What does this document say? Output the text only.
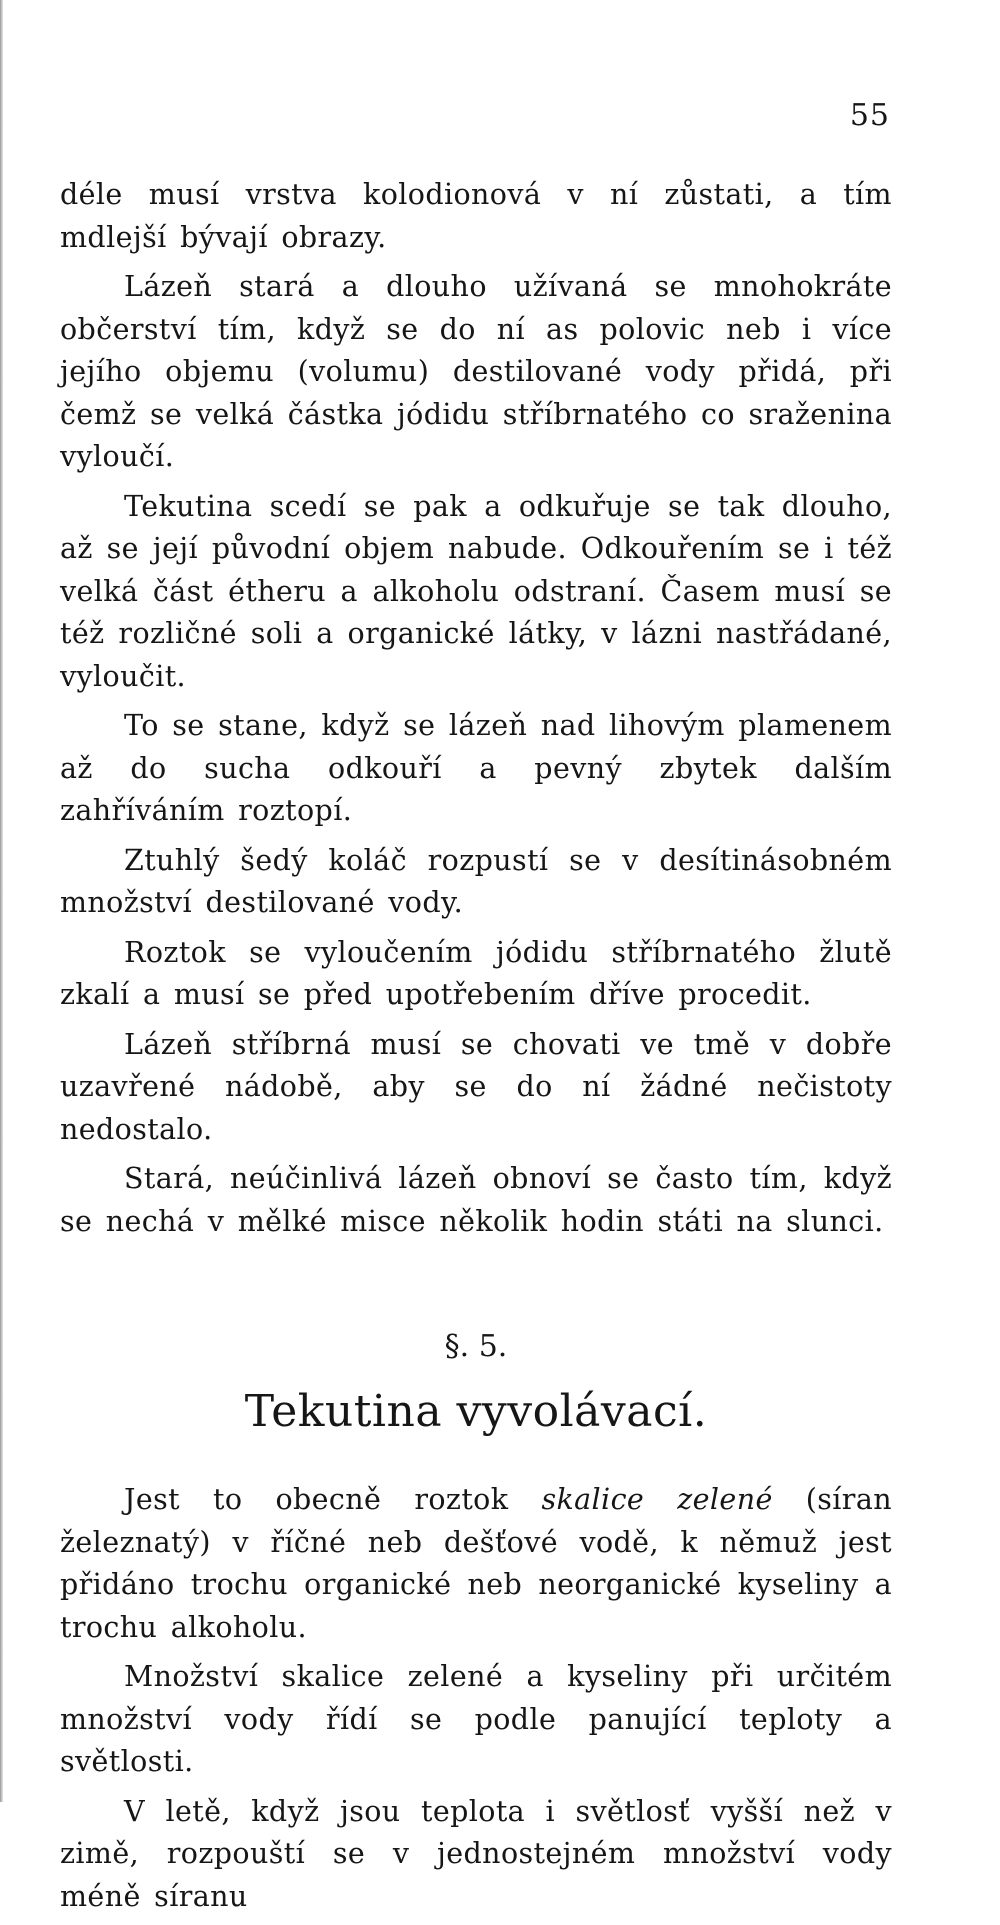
55

déle musí vrstva kolodionová v ní zůstati, a tím mdlejší bývají obrazy.

Lázeň stará a dlouho užívaná se mnohokráte občerství tím, když se do ní as polovic neb i více jejího objemu (volumu) destilované vody přidá, při čemž se velká částka jódidu stříbrnatého co sraženina vyloučí.

Tekutina scedí se pak a odkuřuje se tak dlouho, až se její původní objem nabude. Odkouřením se i též velká část étheru a alkoholu odstraní. Časem musí se též rozličné soli a organické látky, v lázni nastřádané, vyloučit.

To se stane, když se lázeň nad lihovým plamenem až do sucha odkouří a pevný zbytek dalším zahříváním roztopí.

Ztuhlý šedý koláč rozpustí se v desítinásobném množství destilované vody.

Roztok se vyloučením jódidu stříbrnatého žlutě zkalí a musí se před upotřebením dříve procedit.

Lázeň stříbrná musí se chovati ve tmě v dobře uzavřené nádobě, aby se do ní žádné nečistoty nedostalo.

Stará, neúčinlivá lázeň obnoví se často tím, když se nechá v mělké misce několik hodin státi na slunci.

§. 5.
Tekutina vyvolávací.

Jest to obecně roztok skalice zelené (síran železnatý) v říčné neb dešťové vodě, k němuž jest přidáno trochu organické neb neorganické kyseliny a trochu alkoholu.

Množství skalice zelené a kyseliny při určitém množství vody řídí se podle panující teploty a světlosti.

V letě, když jsou teplota i světlosť vyšší než v zimě, rozpouští se v jednostejném množství vody méně síranu
